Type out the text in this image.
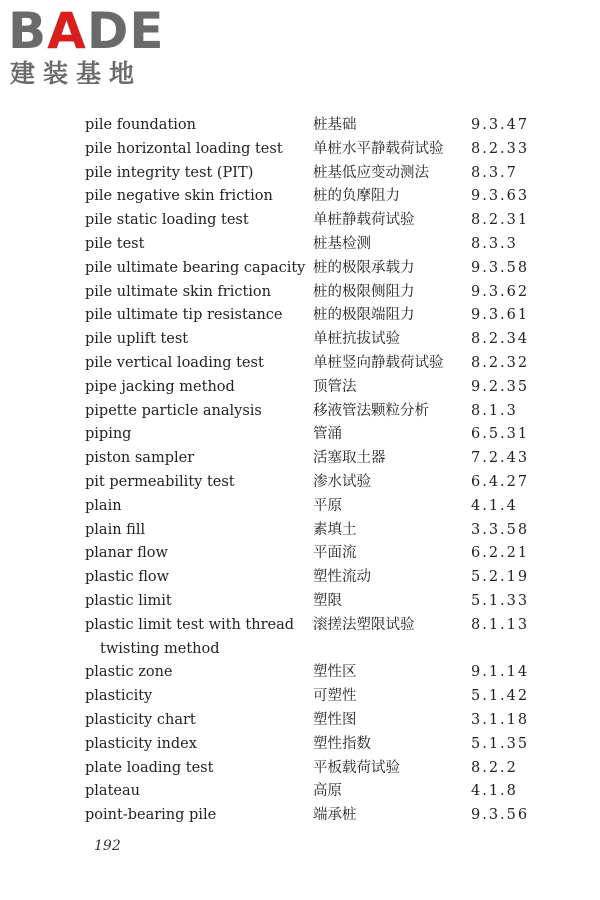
BADE
建装基地
pile foundation	桩基础	9.3.47
pile horizontal loading test	单桩水平静载荷试验 8.2.33
pile integrity test (PIT)	桩基低应变动测法	8.3.7
pile negative skin friction	桩的负摩阻力	9.3.63
pile static loading test	单桩静载荷试验	8.2.31
pile test	桩基检测	8.3.3
pile ultimate bearing capacity 桩的极限承载力	9.3.58
pile ultimate skin friction	桩的极限侧阻力	9.3.62
pile ultimate tip resistance	桩的极限端阻力	9.3.61
pile uplift test	单桩抗拔试验	8.2.34
pile vertical loading test	单桩竖向静载荷试验 8.2.32
pipe jacking method	顶管法	9.2.35
pipette particle analysis	移液管法颗粒分析	8.1.3
piping	管涌	6.5.31
piston sampler	活塞取土器	7.2.43
pit permeability test	渗水试验	6.4.27
plain	平原	4.1.4
plain fill	素填土	3.3.58
planar flow	平面流	6.2.21
plastic flow	塑性流动	5.2.19
plastic limit	塑限	5.1.33
plastic limit test with thread
twisting method
滚搓法塑限试验	8.1.13
plastic zone	塑性区	9.1.14
plasticity	可塑性	5.1.42
plasticity chart	塑性图	3.1.18
plasticity index	塑性指数	5.1.35
plate loading test	平板载荷试验	8.2.2
plateau	高原	4.1.8
point-bearing pile	端承桩	9.3.56
192
